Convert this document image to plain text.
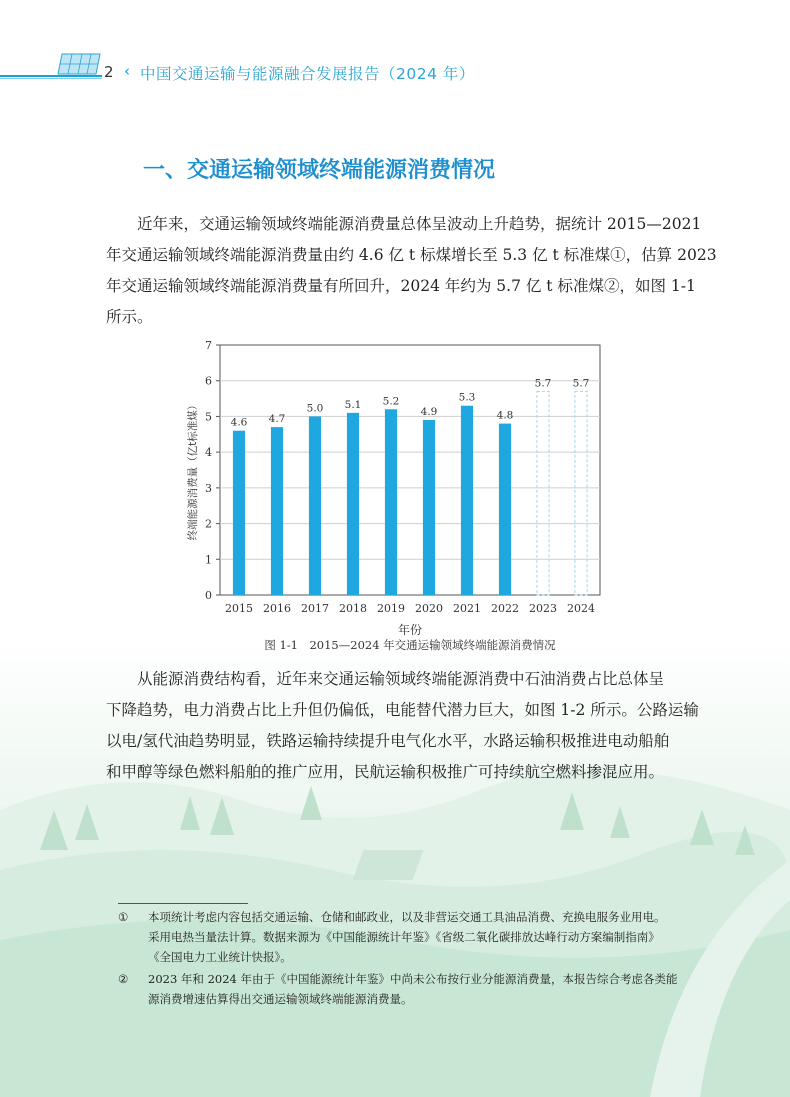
2 ‹ 中国交通运输与能源融合发展报告（2024 年）
一、交通运输领域终端能源消费情况
近年来，交通运输领域终端能源消费量总体呈波动上升趋势，据统计 2015—2021
年交通运输领域终端能源消费量由约 4.6 亿 t 标煤增长至 5.3 亿 t 标准煤①，估算 2023
年交通运输领域终端能源消费量有所回升，2024 年约为 5.7 亿 t 标准煤②，如图 1-1
所示。
0
1
2
3
4
5
6
7
终端能源消费量（亿t标准煤）	4.6
2015
4.7
2016
5.0
2017
5.1
2018
5.2
2019
4.9
2020
5.3
2021
4.8
2022
5.7
2023
5.7
2024
年份
图 1-1　2015—2024 年交通运输领域终端能源消费情况
从能源消费结构看，近年来交通运输领域终端能源消费中石油消费占比总体呈
下降趋势，电力消费占比上升但仍偏低，电能替代潜力巨大，如图 1-2 所示。公路运输
以电/氢代油趋势明显，铁路运输持续提升电气化水平，水路运输积极推进电动船舶
和甲醇等绿色燃料船舶的推广应用，民航运输积极推广可持续航空燃料掺混应用。
① 本项统计考虑内容包括交通运输、仓储和邮政业，以及非营运交通工具油品消费、充换电服务业用电。
采用电热当量法计算。数据来源为《中国能源统计年鉴》《省级二氧化碳排放达峰行动方案编制指南》
《全国电力工业统计快报》。
② 2023 年和 2024 年由于《中国能源统计年鉴》中尚未公布按行业分能源消费量，本报告综合考虑各类能
源消费增速估算得出交通运输领域终端能源消费量。
